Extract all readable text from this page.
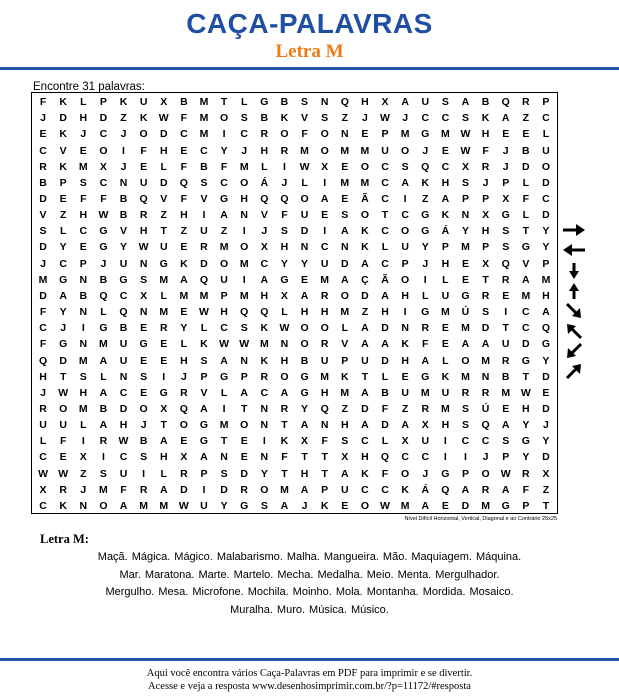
CAÇA-PALAVRAS
Letra M
Encontre 31 palavras:
F	K	L	P	K	U	X	B	M	T	L	G	B	S	N	Q	H	X	A	U	S	A	B	Q	R	P
J	D	H	D	Z	K	W	F	M	O	S	B	K	V	S	Z	J	W	J	C	C	S	K	A	Z	C
E	K	J	C	J	O	D	C	M	I	C	R	O	F	O	N	E	P	M	G	M	W	H	E	E	L
C	V	E	O	I	F	H	E	C	Y	J	H	R	M	O	M	M	U	O	J	E	W	F	J	B	U
R	K	M	X	J	E	L	F	B	F	M	L	I	W	X	E	O	C	S	Q	C	X	R	J	D	O
B	P	S	C	N	U	D	Q	S	C	O	Á	J	L	I	M	M	C	A	K	H	S	J	P	L	D
D	E	F	F	B	Q	V	F	V	G	H	Q	Q	O	A	E	Ã	C	I	Z	A	P	P	X	F	C
V	Z	H	W	B	R	Z	H	I	A	N	V	F	U	E	S	O	T	C	G	K	N	X	G	L	D
S	L	C	G	V	H	T	Z	U	Z	I	J	S	D	I	A	K	C	O	G	Á	Y	H	S	T	Y
D	Y	E	G	Y	W	U	E	R	M	O	X	H	N	C	N	K	L	U	Y	P	M	P	S	G	Y
J	C	P	J	U	N	G	K	D	O	M	C	Y	Y	U	D	A	C	P	J	H	E	X	Q	V	P
M	G	N	B	G	S	M	A	Q	U	I	A	G	E	M	A	Ç	Ã	O	I	L	E	T	R	A	M
D	A	B	Q	C	X	L	M	M	P	M	H	X	A	R	O	D	A	H	L	U	G	R	E	M	H
F	Y	N	L	Q	N	M	E	W	H	Q	Q	L	H	H	M	Z	H	I	G	M	Ú	S	I	C	A
C	J	I	G	B	E	R	Y	L	C	S	K	W	O	O	L	A	D	N	R	E	M	D	T	C	Q
F	G	N	M	U	G	E	L	K	W W	M	N	O	R	V	A	A	K	F	E	A	A	U	D	G
Q	D	M	A	U	E	E	H	S	A	N	K	H	B	U	P	U	D	H	A	L	O	M	R	G	Y
H	T	S	L	N	S	I	J	P	G	P	R	O	G	M	K	T	L	E	G	K	M	N	B	T	D
J	W	H	A	C	E	G	R	V	L	A	C	A	G	H	M	A	B	U	M	U	R	R	M	W	E
R	O	M	B	D	O	X	Q	A	I	T	N	R	Y	Q	Z	D	F	Z	R	M	S	Ú	E	H	D
U	U	L	A	H	J	T	O	G	M	O	N	T	A	N	H	A	D	A	X	H	S	Q	A	Y	J
L	F	I	R	W	B	A	E	G	T	E	I	K	X	F	S	C	L	X	U	I	C	C	S	G	Y
C	E	X	I	C	S	H	X	A	N	E	N	F	T	T	X	H	Q	C	C	I	I	J	P	Y	D
W W	Z	S	U	I	L	R	P	S	D	Y	T	H	T	A	K	F	O	J	G	P	O	W	R	X
X	R	J	M	F	R	A	D	I	D	R	O	M	A	P	U	C	C	K	Á	Q	A	R	A	F	Z
C	K	N	O	A	M	M	W	U	Y	G	S	A	J	K	E	O	W	M	A	E	D	M	G	P	T
Nível Difícil Horizontal, Vertical, Diagonal e ao Contrário 25x25
Letra M:
Maçã. Mágica. Mágico. Malabarismo. Malha. Mangueira. Mão. Maquiagem. Máquina.
Mar. Maratona. Marte. Martelo. Mecha. Medalha. Meio. Menta. Mergulhador.
Mergulho. Mesa. Microfone. Mochila. Moinho. Mola. Montanha. Mordida. Mosaico.
Muralha. Muro. Música. Músico.
Aqui você encontra vários Caça-Palavras em PDF para imprimir e se divertir.
Acesse e veja a resposta www.desenhosimprimir.com.br/?p=11172/#resposta
